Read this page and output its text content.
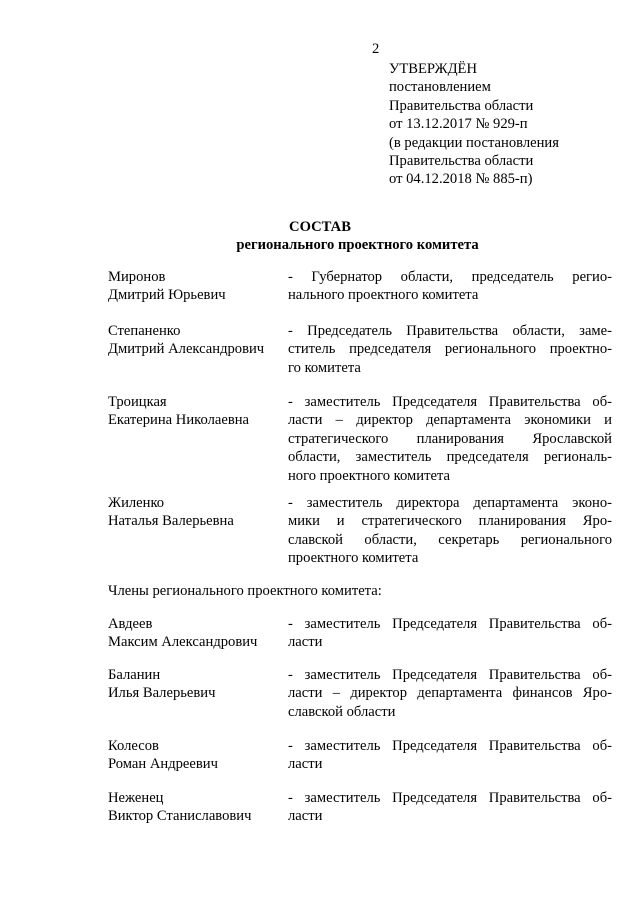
2
УТВЕРЖДЁН
постановлением
Правительства области
от 13.12.2017 № 929-п
(в редакции постановления
Правительства области
от 04.12.2018 № 885-п)
СОСТАВ
регионального проектного комитета
Миронов
Дмитрий Юрьевич
- Губернатор области, председатель регио-
нального проектного комитета
Степаненко
Дмитрий Александрович
- Председатель Правительства области, заме-
ститель председателя регионального проектно-
го комитета
Троицкая
Екатерина Николаевна
- заместитель Председателя Правительства об-
ласти – директор департамента экономики и
стратегического планирования Ярославской
области, заместитель председателя региональ-
ного проектного комитета
Жиленко
Наталья Валерьевна
- заместитель директора департамента эконо-
мики и стратегического планирования Яро-
славской области, секретарь регионального
проектного комитета
Члены регионального проектного комитета:
Авдеев
Максим Александрович
- заместитель Председателя Правительства об-
ласти
Баланин
Илья Валерьевич
- заместитель Председателя Правительства об-
ласти – директор департамента финансов Яро-
славской области
Колесов
Роман Андреевич
- заместитель Председателя Правительства об-
ласти
Неженец
Виктор Станиславович
- заместитель Председателя Правительства об-
ласти
